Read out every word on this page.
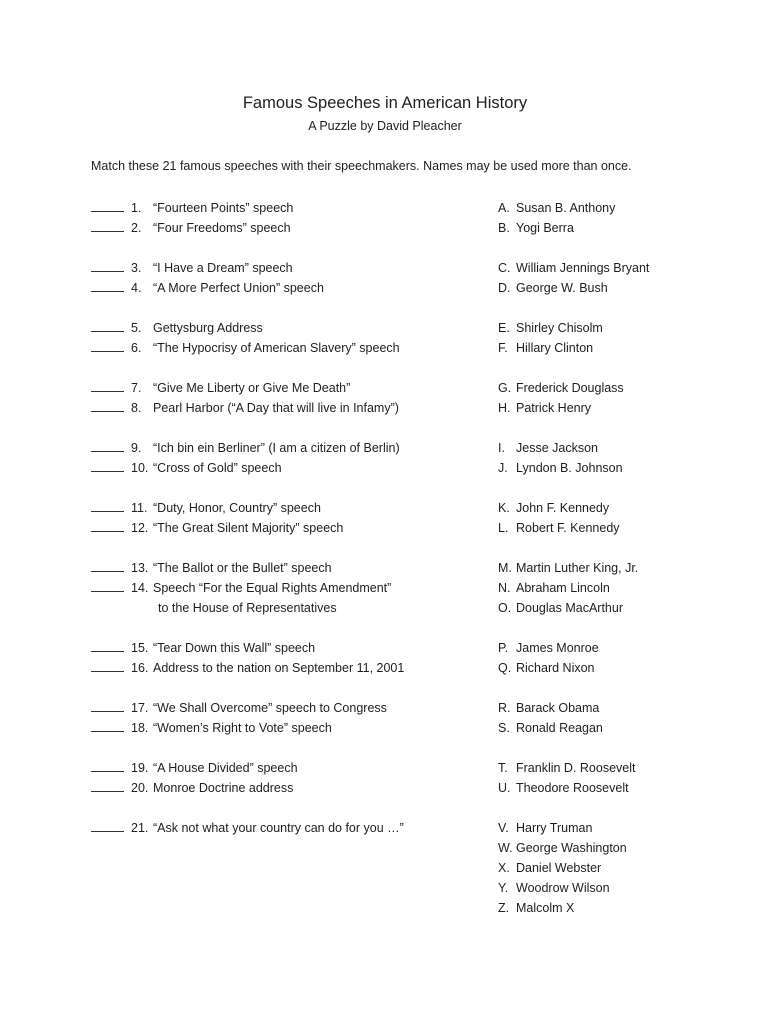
Famous Speeches in American History
A Puzzle by David Pleacher
Match these 21 famous speeches with their speechmakers. Names may be used more than once.
1. “Fourteen Points” speech
2. “Four Freedoms” speech
3. “I Have a Dream” speech
4. “A More Perfect Union” speech
5. Gettysburg Address
6. “The Hypocrisy of American Slavery” speech
7. “Give Me Liberty or Give Me Death”
8. Pearl Harbor (“A Day that will live in Infamy”)
9. “Ich bin ein Berliner” (I am a citizen of Berlin)
10. “Cross of Gold” speech
11. “Duty, Honor, Country” speech
12. “The Great Silent Majority” speech
13. “The Ballot or the Bullet” speech
14. Speech “For the Equal Rights Amendment”
to the House of Representatives
15. “Tear Down this Wall” speech
16. Address to the nation on September 11, 2001
17. “We Shall Overcome” speech to Congress
18. “Women’s Right to Vote” speech
19. “A House Divided” speech
20. Monroe Doctrine address
21. “Ask not what your country can do for you …”
A. Susan B. Anthony
B. Yogi Berra
C. William Jennings Bryant
D. George W. Bush
E. Shirley Chisolm
F. Hillary Clinton
G. Frederick Douglass
H. Patrick Henry
I. Jesse Jackson
J. Lyndon B. Johnson
K. John F. Kennedy
L. Robert F. Kennedy
M. Martin Luther King, Jr.
N. Abraham Lincoln
O. Douglas MacArthur
P. James Monroe
Q. Richard Nixon
R. Barack Obama
S. Ronald Reagan
T. Franklin D. Roosevelt
U. Theodore Roosevelt
V. Harry Truman
W. George Washington
X. Daniel Webster
Y. Woodrow Wilson
Z. Malcolm X
